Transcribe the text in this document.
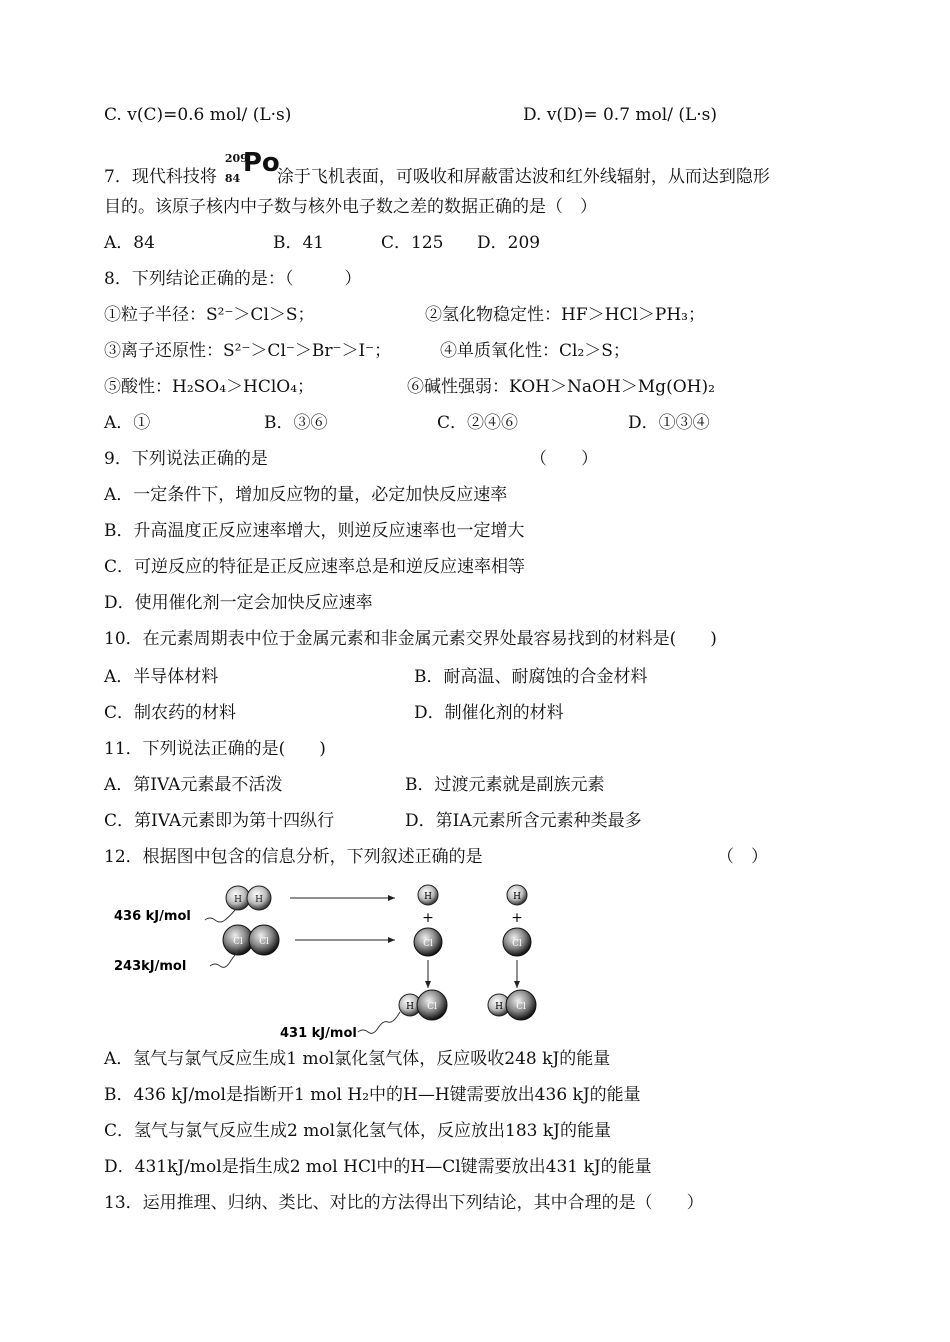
C. v(C)=0.6 mol/ (L·s)	D. v(D)= 0.7 mol/ (L·s)
7．现代科技将
209
84
Po
涂于飞机表面，可吸收和屏蔽雷达波和红外线辐射，从而达到隐形
目的。该原子核内中子数与核外电子数之差的数据正确的是（　）
A．84	B．41	C．125 D．209
8．下列结论正确的是：（　　　）
①粒子半径：S²⁻＞Cl＞S；	②氢化物稳定性：HF＞HCl＞PH₃；
③离子还原性：S²⁻＞Cl⁻＞Br⁻＞I⁻；	④单质氧化性：Cl₂＞S；
⑤酸性：H₂SO₄＞HClO₄；	⑥碱性强弱：KOH＞NaOH＞Mg(OH)₂
A．①	B．③⑥	C．②④⑥	D．①③④
9．下列说法正确的是	（　　）
A．一定条件下，增加反应物的量，必定加快反应速率
B．升高温度正反应速率增大，则逆反应速率也一定增大
C．可逆反应的特征是正反应速率总是和逆反应速率相等
D．使用催化剂一定会加快反应速率
10．在元素周期表中位于金属元素和非金属元素交界处最容易找到的材料是(　　)
A．半导体材料	B．耐高温、耐腐蚀的合金材料
C．制农药的材料	D．制催化剂的材料
11．下列说法正确的是(　　)
A．第IVA元素最不活泼	B．过渡元素就是副族元素
C．第IVA元素即为第十四纵行	D．第IA元素所含元素种类最多
12．根据图中包含的信息分析，下列叙述正确的是	（　）
H H
436 kJ/mol
Cl Cl
243kJ/mol
H
+
Cl
H
+
Cl
H Cl	H Cl
431 kJ/mol
A．氢气与氯气反应生成1 mol氯化氢气体，反应吸收248 kJ的能量
B．436 kJ/mol是指断开1 mol H₂中的H—H键需要放出436 kJ的能量
C．氢气与氯气反应生成2 mol氯化氢气体，反应放出183 kJ的能量
D．431kJ/mol是指生成2 mol HCl中的H—Cl键需要放出431 kJ的能量
13．运用推理、归纳、类比、对比的方法得出下列结论，其中合理的是（　　）
